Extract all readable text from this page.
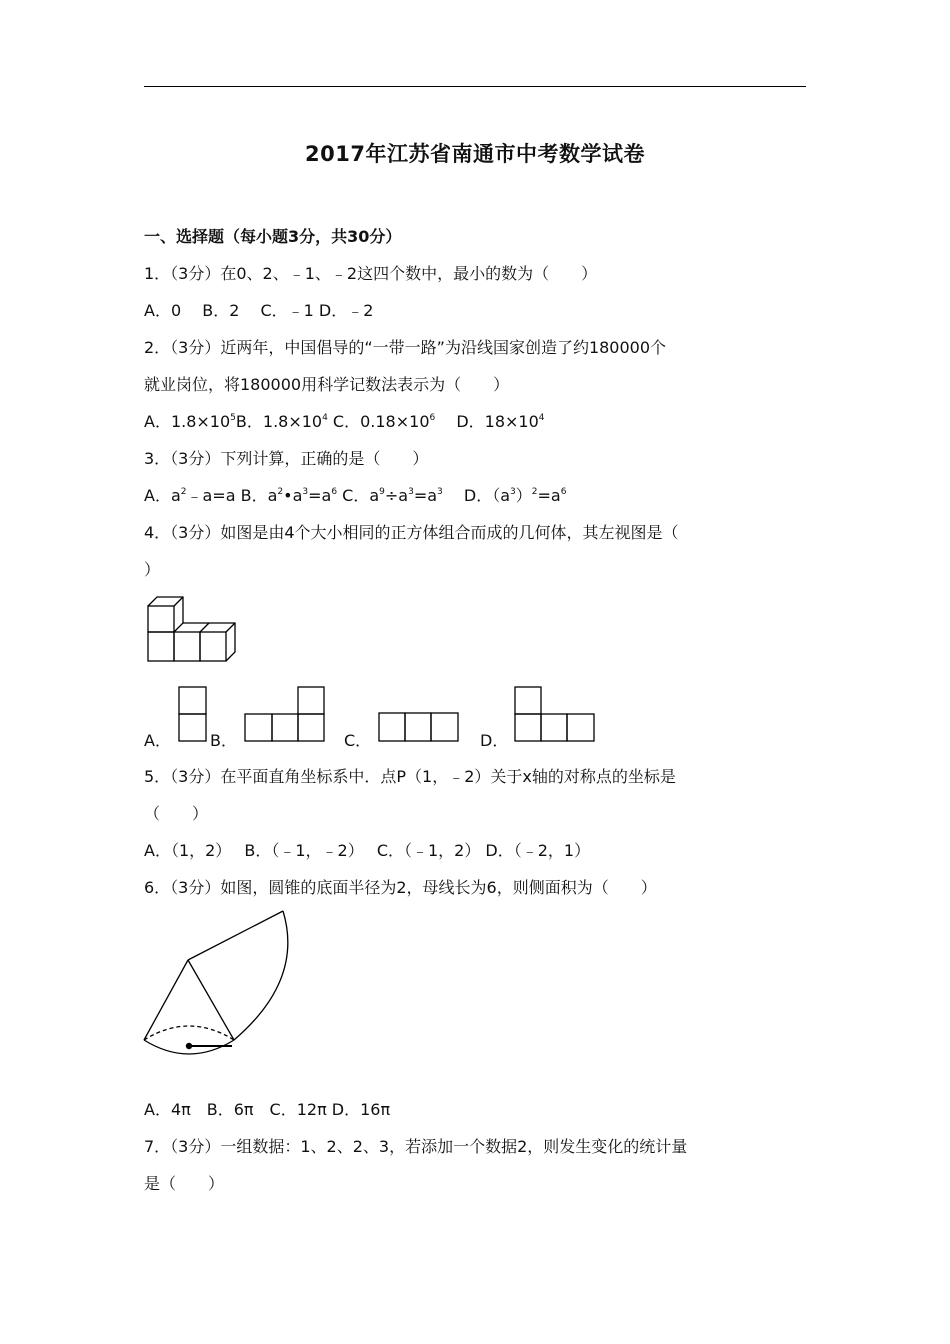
2017年江苏省南通市中考数学试卷
一、选择题（每小题3分，共30分）
1．（3分）在0、2、﹣1、﹣2这四个数中，最小的数为（　　）
A．0　 B．2　 C．﹣1 D．﹣2
2．（3分）近两年，中国倡导的“一带一路”为沿线国家创造了约180000个
就业岗位，将180000用科学记数法表示为（　　）
A．$1.8\times 10^5B$．$1.8\times 10^4$ C．$0.18\times 10^6$　 D．$18\times 10^4$
3．（3分）下列计算，正确的是（　　）
A．$a^2﹣a=a$ B．$a^2•a^3=a^6$ C．$a^9\div a^3=a^3$　 D．$(a^3)^2=a^6$
4．（3分）如图是由4个大小相同的正方体组合而成的几何体，其左视图是（
）
A． B．	C．	D．
5．（3分）在平面直角坐标系中．点P（1，﹣2）关于x轴的对称点的坐标是
（　　）
A．（1，2）　 B．（﹣1，﹣2）　 C．（﹣1，2） D．（﹣2，1）
6．（3分）如图，圆锥的底面半径为2，母线长为6，则侧面积为（　　）
A．4π　B．6π　C．12π D．16π
7．（3分）一组数据：1、2、2、3，若添加一个数据2，则发生变化的统计量
是（　　）
